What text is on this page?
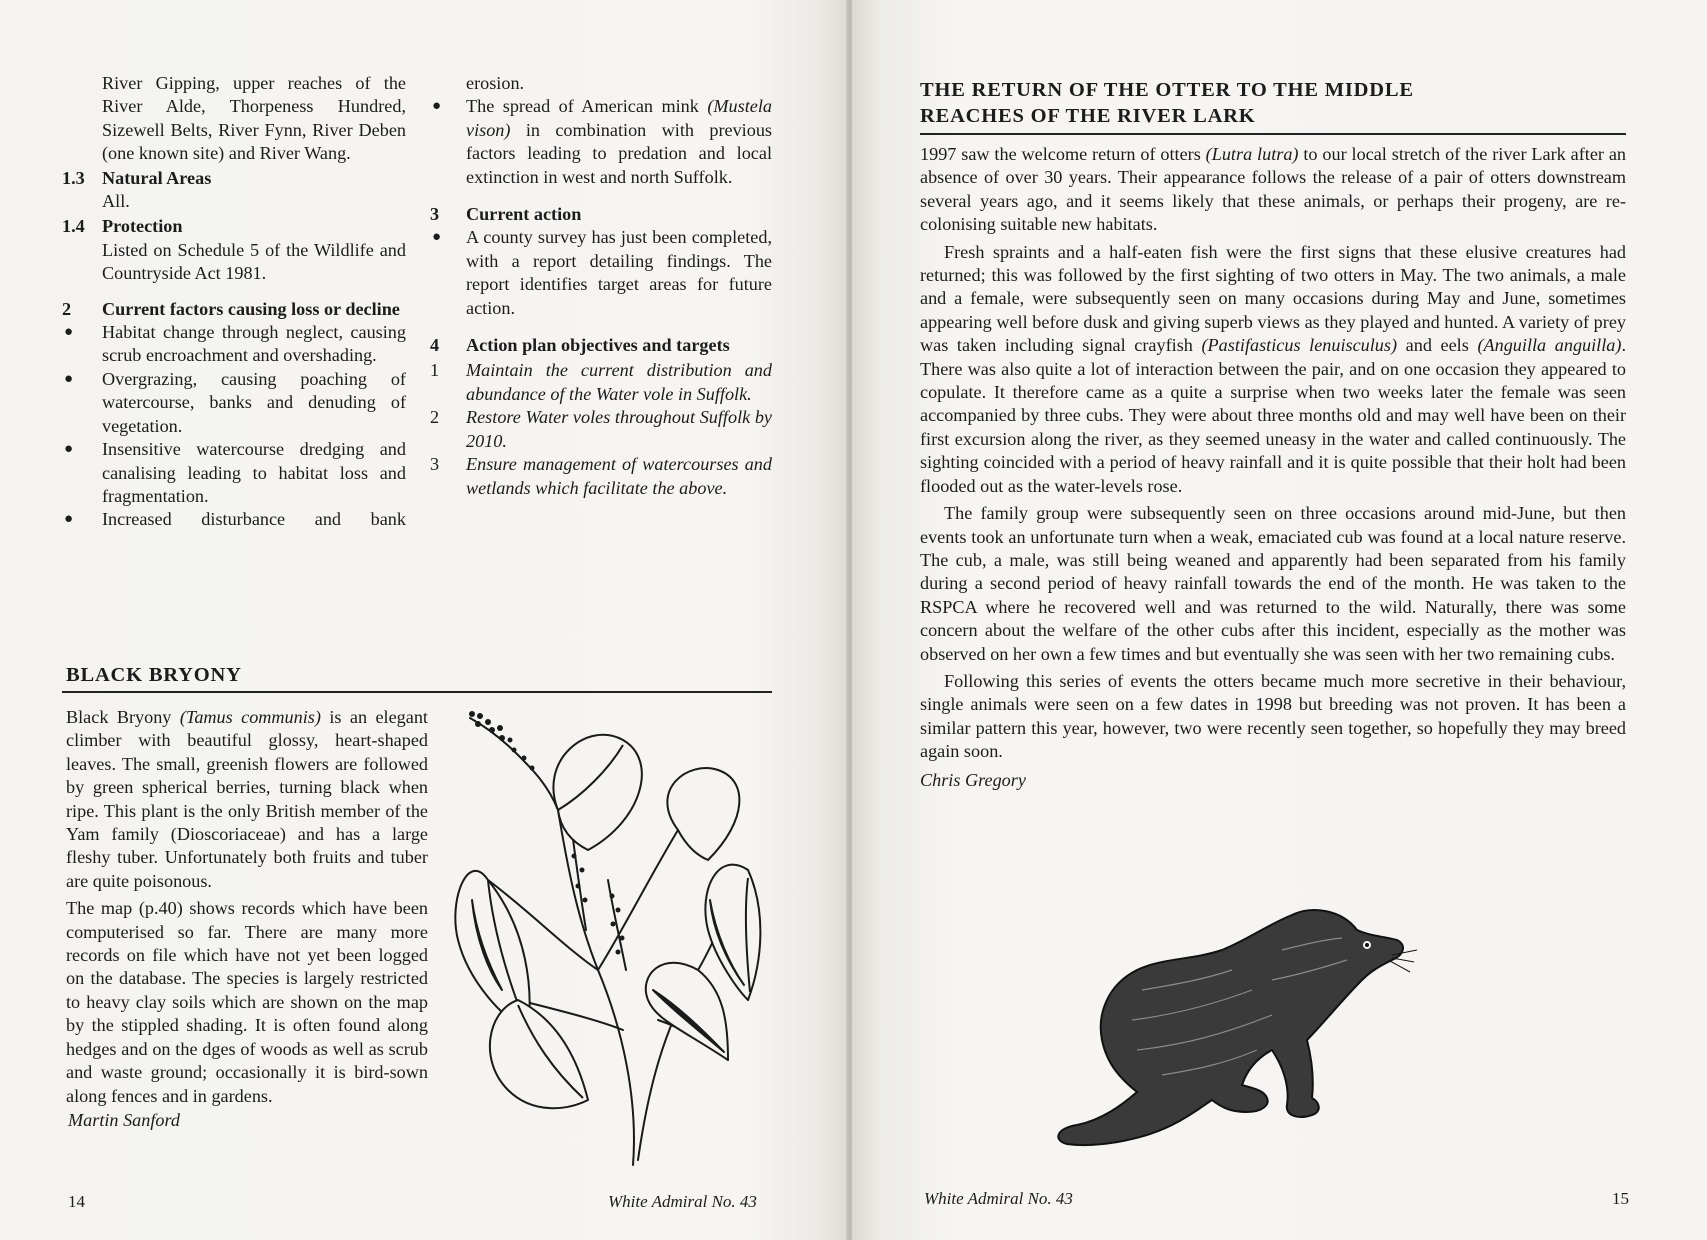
River Gipping, upper reaches of the River Alde, Thorpeness Hundred, Sizewell Belts, River Fynn, River Deben (one known site) and River Wang.
1.3 Natural Areas
All.
1.4 Protection
Listed on Schedule 5 of the Wildlife and Countryside Act 1981.
2	Current factors causing loss or decline
●	Habitat change through neglect, causing scrub encroachment and overshading.
●	Overgrazing, causing poaching of watercourse, banks and denuding of vegetation.
●	Insensitive watercourse dredging and canalising leading to habitat loss and fragmentation.
●	Increased disturbance and bank
erosion.
●	The spread of American mink (Mustela vison) in combination with previous factors leading to predation and local extinction in west and north Suffolk.
3	Current action
●	A county survey has just been completed, with a report detailing findings. The report identifies target areas for future action.
4	Action plan objectives and targets
1	Maintain the current distribution and abundance of the Water vole in Suffolk.
2	Restore Water voles throughout Suffolk by 2010.
3	Ensure management of watercourses and wetlands which facilitate the above.
BLACK BRYONY

Black Bryony (Tamus communis) is an elegant climber with beautiful glossy, heart-shaped leaves. The small, greenish flowers are followed by green spherical berries, turning black when ripe. This plant is the only British member of the Yam family (Dioscoriaceae) and has a large fleshy tuber. Unfortunately both fruits and tuber are quite poisonous.

The map (p.40) shows records which have been computerised so far. There are many more records on file which have not yet been logged on the database. The species is largely restricted to heavy clay soils which are shown on the map by the stippled shading. It is often found along hedges and on the dges of woods as well as scrub and waste ground; occasionally it is bird-sown along fences and in gardens.

Martin Sanford
14	White Admiral No. 43
THE RETURN OF THE OTTER TO THE MIDDLE REACHES OF THE RIVER LARK

1997 saw the welcome return of otters (Lutra lutra) to our local stretch of the river Lark after an absence of over 30 years. Their appearance follows the release of a pair of otters downstream several years ago, and it seems likely that these animals, or perhaps their progeny, are re-colonising suitable new habitats.

Fresh spraints and a half-eaten fish were the first signs that these elusive creatures had returned; this was followed by the first sighting of two otters in May. The two animals, a male and a female, were subsequently seen on many occasions during May and June, sometimes appearing well before dusk and giving superb views as they played and hunted. A variety of prey was taken including signal crayfish (Pastifasticus lenuisculus) and eels (Anguilla anguilla). There was also quite a lot of interaction between the pair, and on one occasion they appeared to copulate. It therefore came as a quite a surprise when two weeks later the female was seen accompanied by three cubs. They were about three months old and may well have been on their first excursion along the river, as they seemed uneasy in the water and called continuously. The sighting coincided with a period of heavy rainfall and it is quite possible that their holt had been flooded out as the water-levels rose.

The family group were subsequently seen on three occasions around mid-June, but then events took an unfortunate turn when a weak, emaciated cub was found at a local nature reserve. The cub, a male, was still being weaned and apparently had been separated from his family during a second period of heavy rainfall towards the end of the month. He was taken to the RSPCA where he recovered well and was returned to the wild. Naturally, there was some concern about the welfare of the other cubs after this incident, especially as the mother was observed on her own a few times and but eventually she was seen with her two remaining cubs.

Following this series of events the otters became much more secretive in their behaviour, single animals were seen on a few dates in 1998 but breeding was not proven. It has been a similar pattern this year, however, two were recently seen together, so hopefully they may breed again soon.

Chris Gregory
White Admiral No. 43	15
